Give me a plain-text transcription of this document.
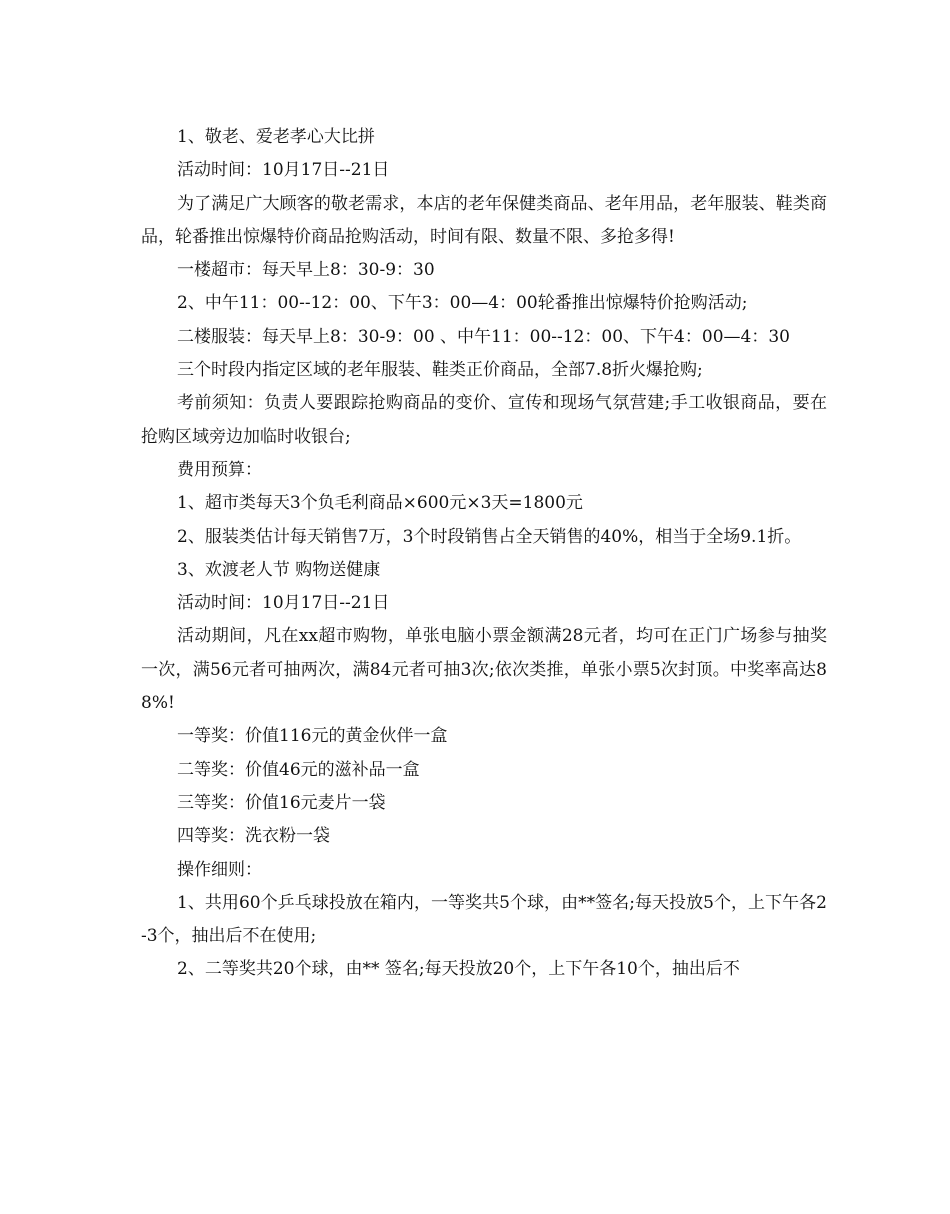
1、敬老、爱老孝心大比拼

活动时间：10月17日--21日

为了满足广大顾客的敬老需求，本店的老年保健类商品、老年用品，老年服装、鞋类商品，轮番推出惊爆特价商品抢购活动，时间有限、数量不限、多抢多得!

一楼超市：每天早上8：30-9：30

2、中午11：00--12：00、下午3：00—4：00轮番推出惊爆特价抢购活动;

二楼服装：每天早上8：30-9：00 、中午11：00--12：00、下午4：00—4：30

三个时段内指定区域的老年服装、鞋类正价商品，全部7.8折火爆抢购;

考前须知：负责人要跟踪抢购商品的变价、宣传和现场气氛营建;手工收银商品，要在抢购区域旁边加临时收银台;

费用预算：

1、超市类每天3个负毛利商品×600元×3天=1800元

2、服装类估计每天销售7万，3个时段销售占全天销售的40%，相当于全场9.1折。

3、欢渡老人节 购物送健康

活动时间：10月17日--21日

活动期间，凡在xx超市购物，单张电脑小票金额满28元者，均可在正门广场参与抽奖一次，满56元者可抽两次，满84元者可抽3次;依次类推，单张小票5次封顶。中奖率高达88%!

一等奖：价值116元的黄金伙伴一盒

二等奖：价值46元的滋补品一盒

三等奖：价值16元麦片一袋

四等奖：洗衣粉一袋

操作细则：

1、共用60个乒乓球投放在箱内，一等奖共5个球，由**签名;每天投放5个，上下午各2-3个，抽出后不在使用;

2、二等奖共20个球，由** 签名;每天投放20个，上下午各10个，抽出后不
